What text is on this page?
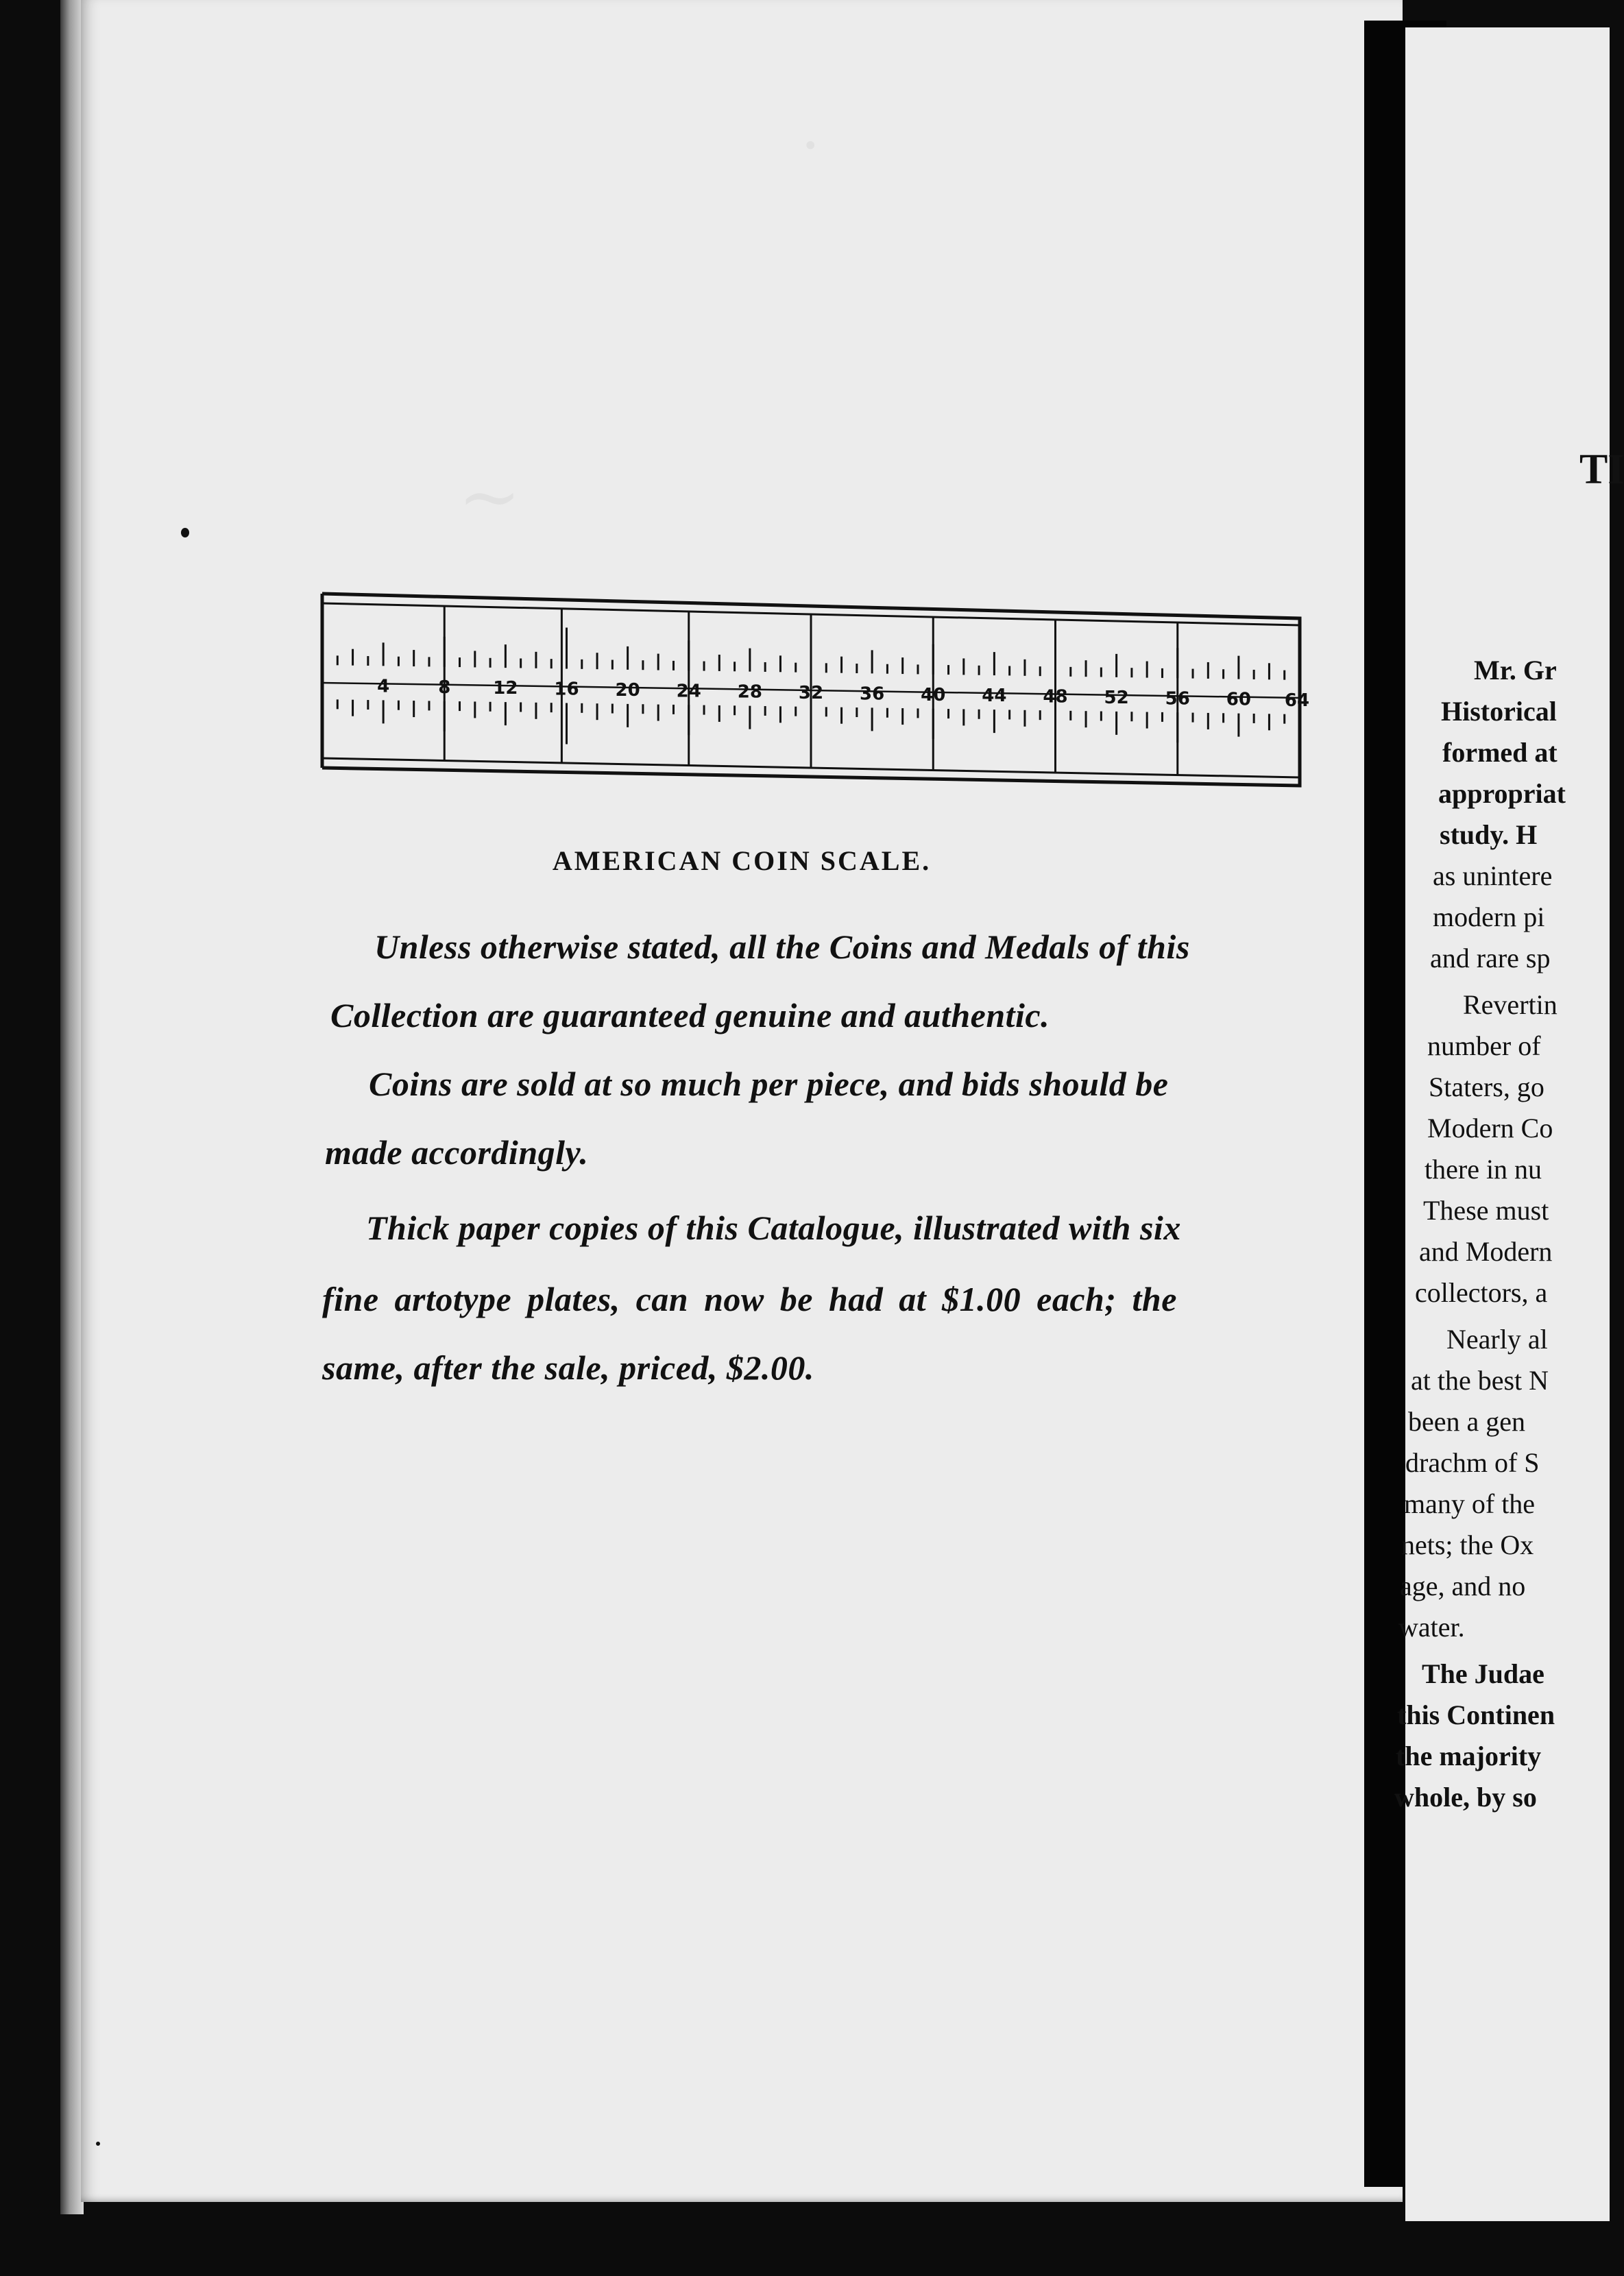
4	8 12 16 20 24 28 32 36 40 44 48 52 56 60 64
AMERICAN COIN SCALE.
Unless otherwise stated, all the Coins and Medals of this
Collection are guaranteed genuine and authentic.
Coins are sold at so much per piece, and bids should be
made accordingly.
Thick paper copies of this Catalogue, illustrated with six
fine artotype plates, can now be had at $1.00 each; the
same, after the sale, priced, $2.00.
TI
Mr. Gr
Historical
formed at
appropriat
study. H
as unintere
modern pi
and rare sp
Revertin
number of
Staters, go
Modern Co
there in nu
These must
and Modern
collectors, a
Nearly al
at the best N
been a gen
drachm of S
many of the
nets; the Ox
age, and no
water.
The Judae
this Continen
the majority
whole, by so
